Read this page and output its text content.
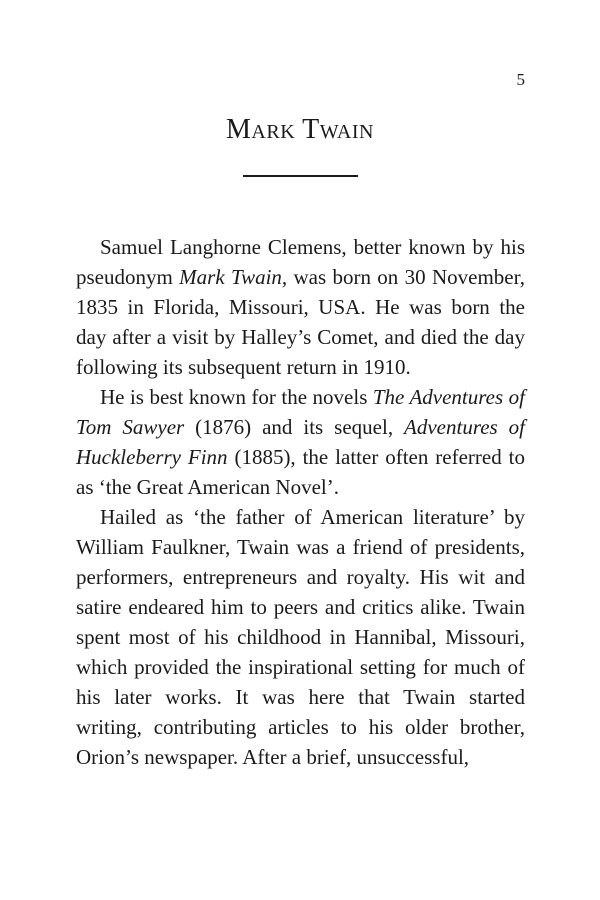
5
Mark Twain

Samuel Langhorne Clemens, better known by his pseudonym Mark Twain, was born on 30 November, 1835 in Florida, Missouri, USA. He was born the day after a visit by Halley’s Comet, and died the day following its subsequent return in 1910.

He is best known for the novels The Adventures of Tom Sawyer (1876) and its sequel, Adventures of Huckleberry Finn (1885), the latter often referred to as ‘the Great American Novel’.

Hailed as ‘the father of American literature’ by William Faulkner, Twain was a friend of presidents, performers, entrepreneurs and royalty. His wit and satire endeared him to peers and critics alike. Twain spent most of his childhood in Hannibal, Missouri, which provided the inspirational setting for much of his later works. It was here that Twain started writing, contributing articles to his older brother, Orion’s newspaper. After a brief, unsuccessful,
